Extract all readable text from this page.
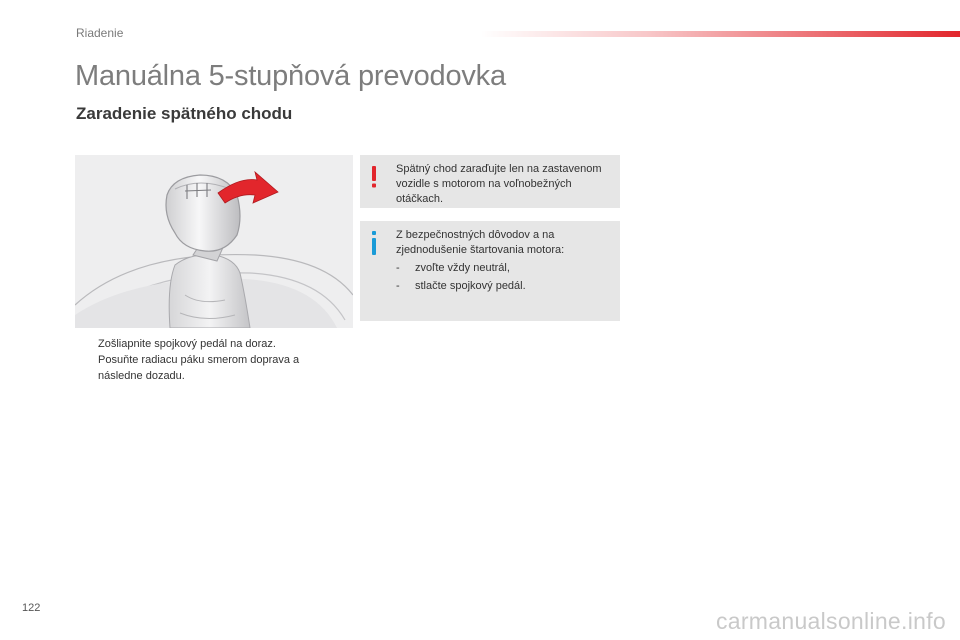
Riadenie
Manuálna 5-stupňová prevodovka
Zaradenie spätného chodu
Zošliapnite spojkový pedál na doraz.
Posuňte radiacu páku smerom doprava a následne dozadu.
Spätný chod zaraďujte len na zastavenom vozidle s motorom na voľnobežných otáčkach.
Z bezpečnostných dôvodov a na zjednodušenie štartovania motora:
- zvoľte vždy neutrál,
- stlačte spojkový pedál.
122	carmanualsonline.info
